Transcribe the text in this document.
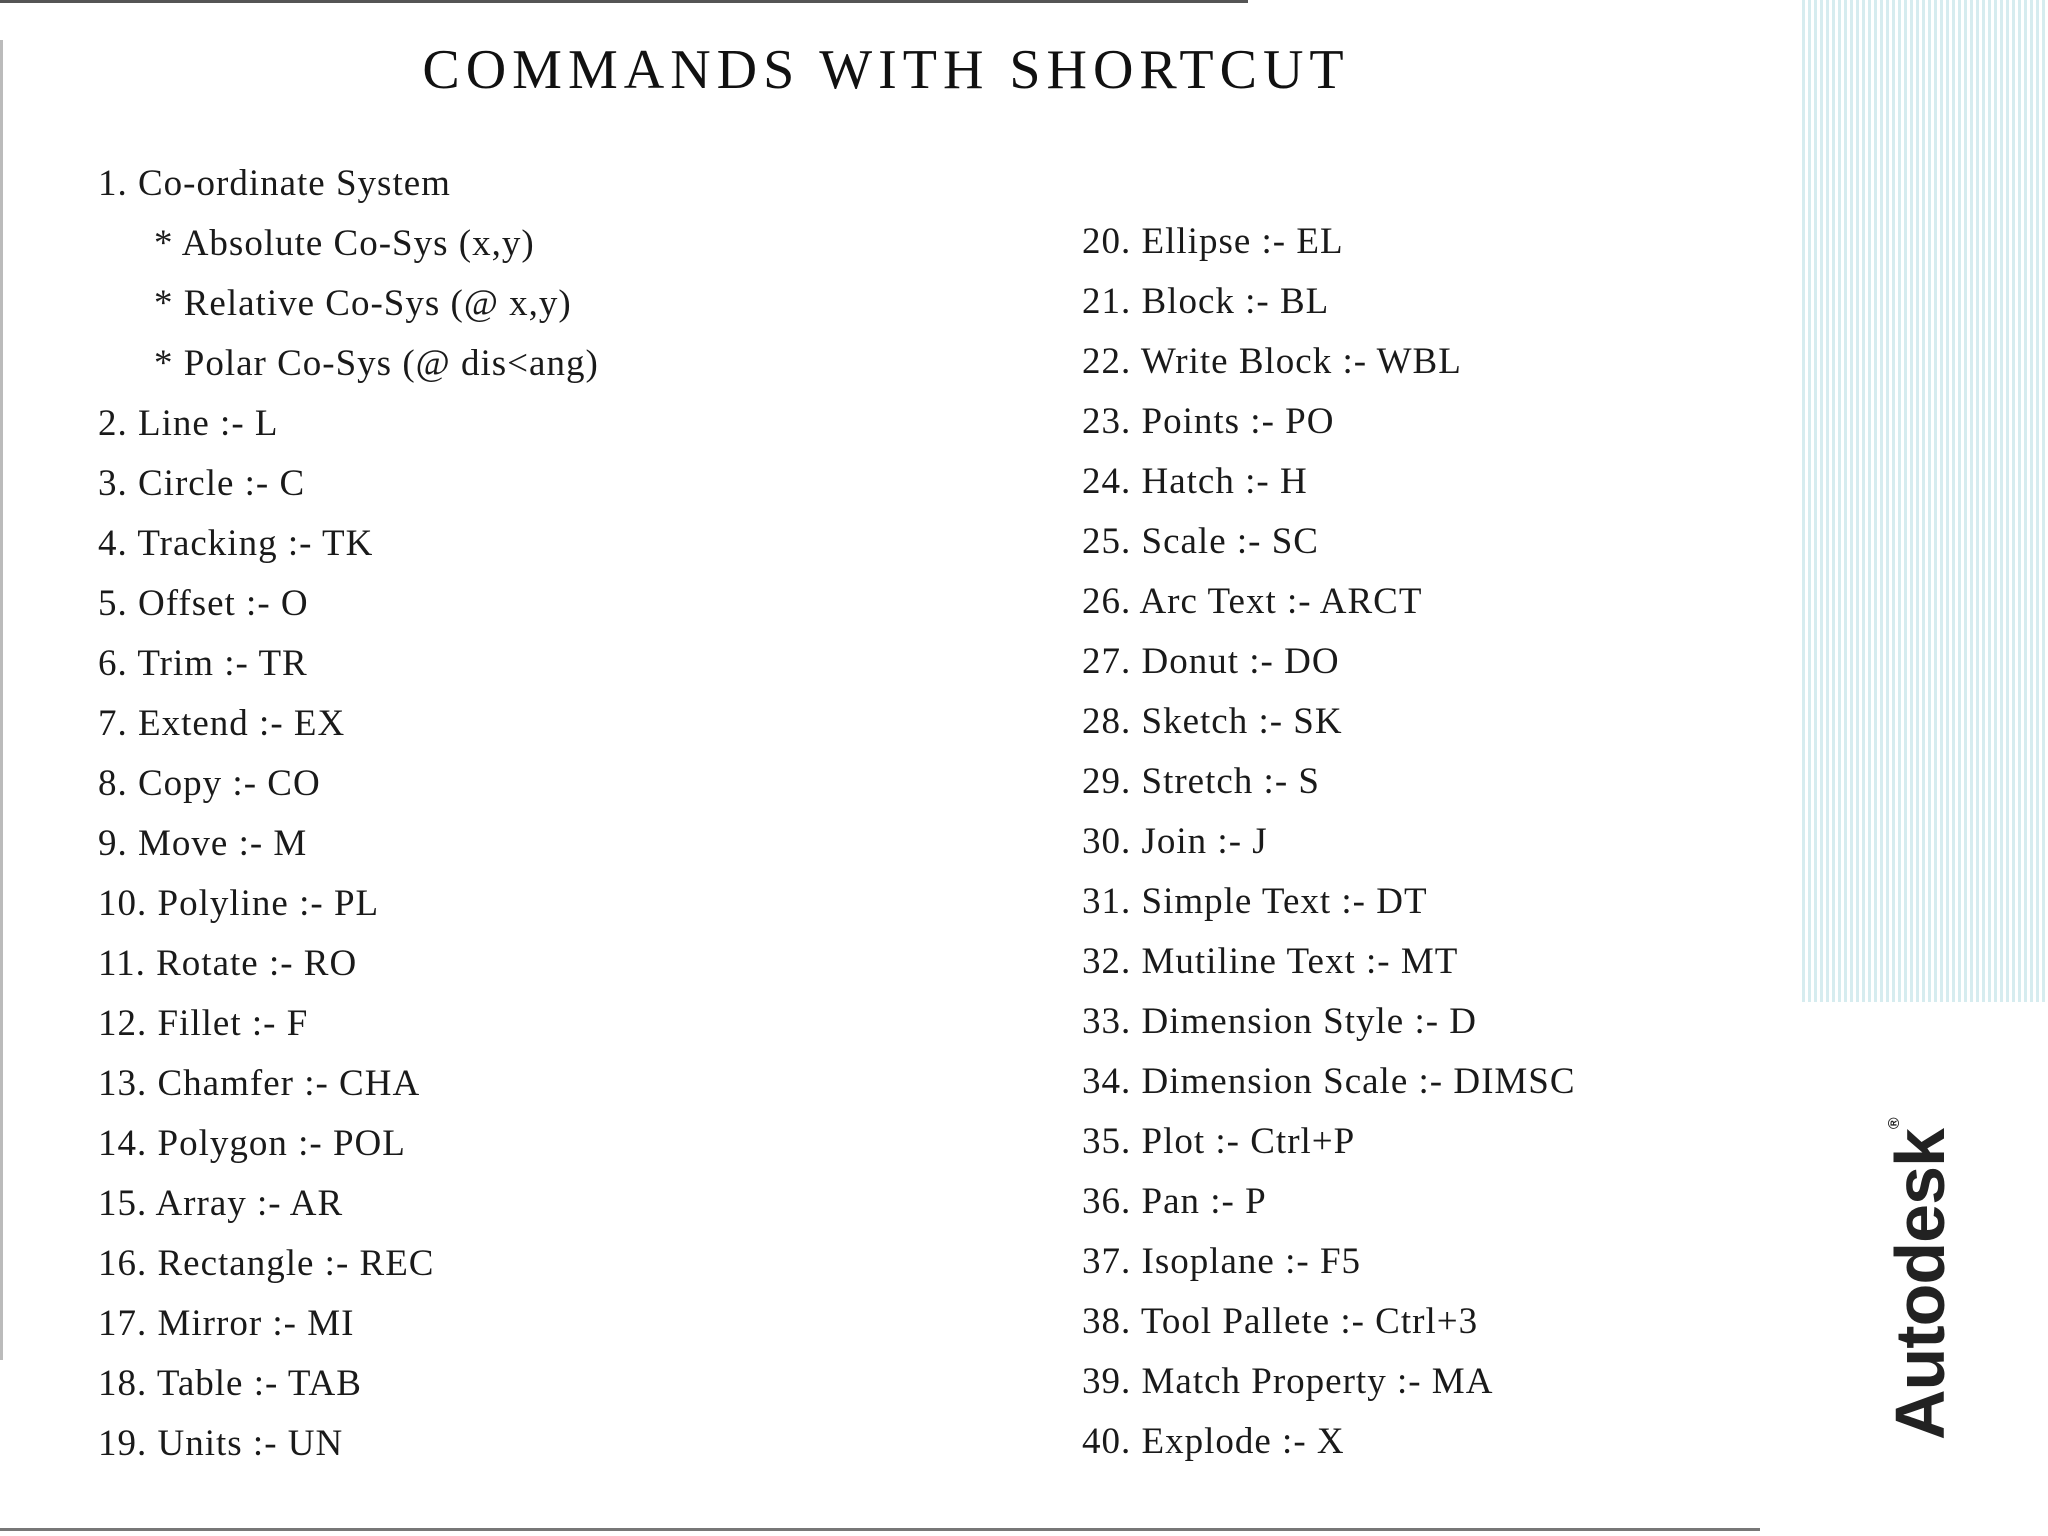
COMMANDS WITH SHORTCUT
1. Co-ordinate System
* Absolute Co-Sys (x,y)
* Relative Co-Sys (@ x,y)
* Polar Co-Sys (@ dis<ang)
2. Line :- L
3. Circle :- C
4. Tracking :- TK
5. Offset :- O
6. Trim :- TR
7. Extend :- EX
8. Copy :- CO
9. Move :- M
10. Polyline :- PL
11. Rotate :- RO
12. Fillet :- F
13. Chamfer :- CHA
14. Polygon :- POL
15. Array :- AR
16. Rectangle :- REC
17. Mirror :- MI
18. Table :- TAB
19. Units :- UN
20. Ellipse :- EL
21. Block :- BL
22. Write Block :- WBL
23. Points :- PO
24. Hatch :- H
25. Scale :- SC
26. Arc Text :- ARCT
27. Donut :- DO
28. Sketch :- SK
29. Stretch :- S
30. Join :- J
31. Simple Text :- DT
32. Mutiline Text :- MT
33. Dimension Style :- D
34. Dimension Scale :- DIMSC
35. Plot :- Ctrl+P
36. Pan :- P
37. Isoplane :- F5
38. Tool Pallete :- Ctrl+3
39. Match Property :- MA
40. Explode :- X
Autodesk®
